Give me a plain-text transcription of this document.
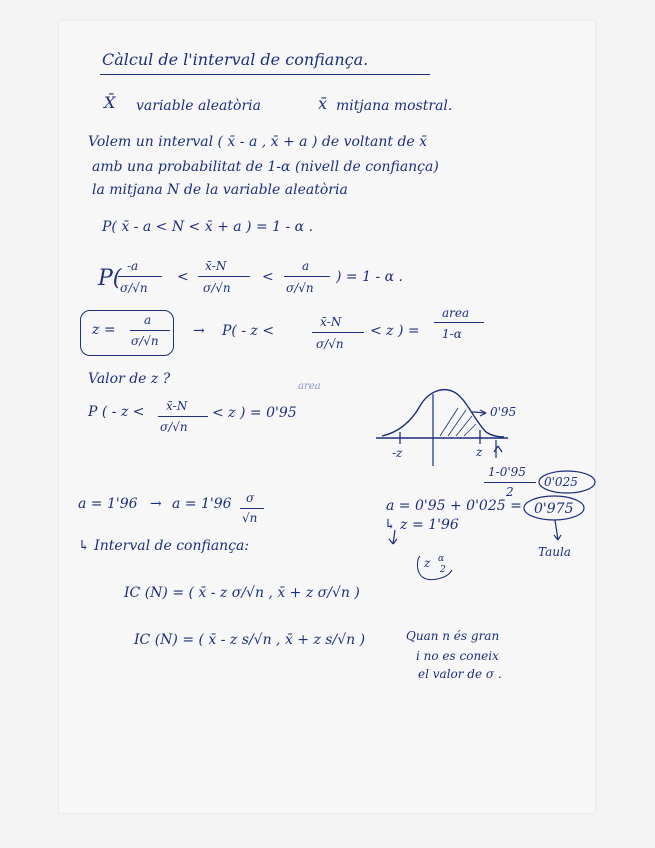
Càlcul de l'interval de confiança.
X̄ variable aleatòria	x̄ mitjana mostral.
Volem un interval ( x̄ - a , x̄ + a ) de voltant de x̄
amb una probabilitat de 1-α (nivell de confiança)
la mitjana N de la variable aleatòria
P( x̄ - a < N < x̄ + a ) = 1 - α .
P( -a
σ/√n
<
x̄-N
σ/√n
<
a
σ/√n
) = 1 - α .
z =
a
σ/√n
→ P( - z <
x̄-N
σ/√n
< z ) =
area
1-α
Valor de z ?	area
P ( - z < x̄-N
σ/√n
< z ) = 0'95	0'95
-z	z
1-0'95
2
0'025
a = 1'96 → a = 1'96 σ
√n
a = 0'95 + 0'025 = 0'975
↳ z = 1'96
z α
2
Taula
↳ Interval de confiança:
IC (N) = ( x̄ - z σ/√n , x̄ + z σ/√n )
IC (N) = ( x̄ - z s/√n , x̄ + z s/√n )	Quan n és gran
i no es coneix
el valor de σ .
